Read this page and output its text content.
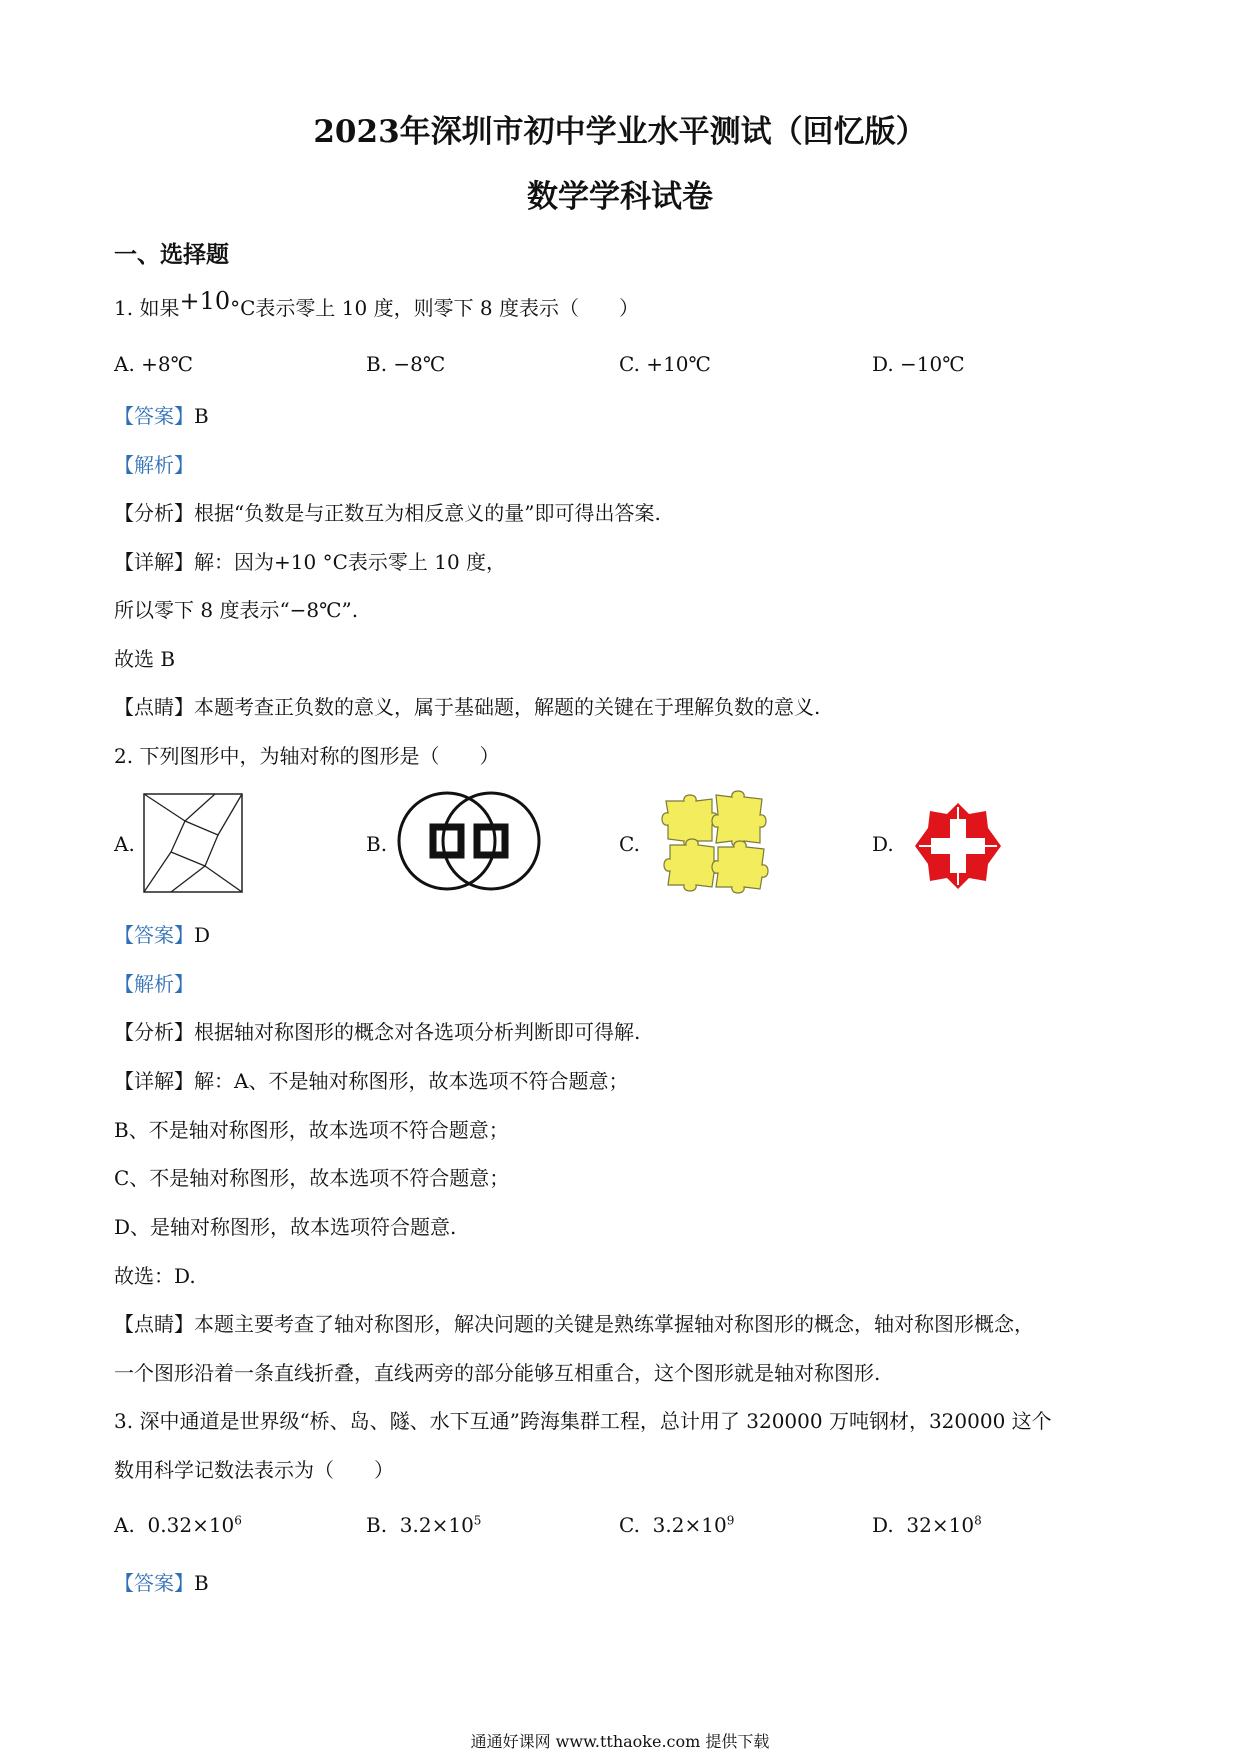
2023年深圳市初中学业水平测试（回忆版）
数学学科试卷
一、选择题
1. 如果+10°C表示零上 10 度，则零下 8 度表示（　　）
A. +8℃	B. −8℃	C. +10℃	D. −10℃
【答案】B
【解析】
【分析】根据“负数是与正数互为相反意义的量”即可得出答案.
【详解】解：因为+10 °C表示零上 10 度，
所以零下 8 度表示“−8℃”.
故选 B
【点睛】本题考查正负数的意义，属于基础题，解题的关键在于理解负数的意义.
2. 下列图形中，为轴对称的图形是（　　）
A.	B.	C.	D.
【答案】D
【解析】
【分析】根据轴对称图形的概念对各选项分析判断即可得解.
【详解】解：A、不是轴对称图形，故本选项不符合题意；
B、不是轴对称图形，故本选项不符合题意；
C、不是轴对称图形，故本选项不符合题意；
D、是轴对称图形，故本选项符合题意.
故选：D.
【点睛】本题主要考查了轴对称图形，解决问题的关键是熟练掌握轴对称图形的概念，轴对称图形概念，
一个图形沿着一条直线折叠，直线两旁的部分能够互相重合，这个图形就是轴对称图形.
3. 深中通道是世界级“桥、岛、隧、水下互通”跨海集群工程，总计用了 320000 万吨钢材，320000 这个
数用科学记数法表示为（　　）
A. $0.32\times 10^6$	B. $3.2\times 10^5$	C. $3.2\times 10^9$	D. $32\times 10^8$
【答案】B
通通好课网 www.tthaoke.com 提供下载
